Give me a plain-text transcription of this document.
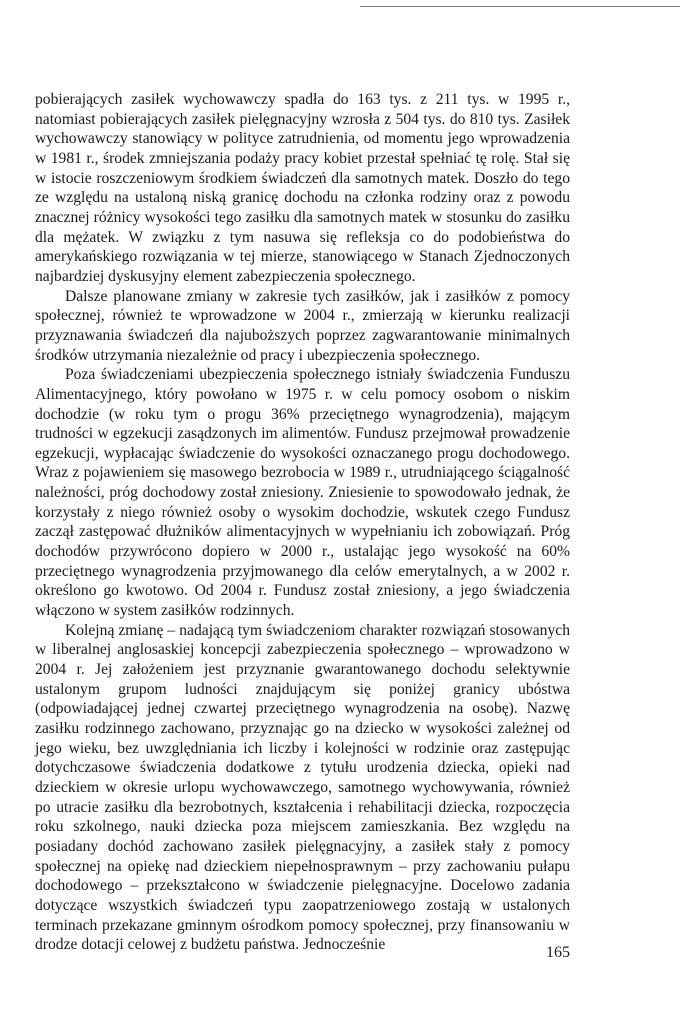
pobierających zasiłek wychowawczy spadła do 163 tys. z 211 tys. w 1995 r., natomiast pobierających zasiłek pielęgnacyjny wzrosła z 504 tys. do 810 tys. Zasiłek wychowawczy stanowiący w polityce zatrudnienia, od momentu jego wprowadzenia w 1981 r., środek zmniejszania podaży pracy kobiet przestał spełniać tę rolę. Stał się w istocie roszczeniowym środkiem świadczeń dla samotnych matek. Doszło do tego ze względu na ustaloną niską granicę dochodu na członka rodziny oraz z powodu znacznej różnicy wysokości tego zasiłku dla samotnych matek w stosunku do zasiłku dla mężatek. W związku z tym nasuwa się refleksja co do podobieństwa do amerykańskiego rozwiązania w tej mierze, stanowiącego w Stanach Zjednoczonych najbardziej dyskusyjny element zabezpieczenia społecznego.

Dalsze planowane zmiany w zakresie tych zasiłków, jak i zasiłków z pomocy społecznej, również te wprowadzone w 2004 r., zmierzają w kierunku realizacji przyznawania świadczeń dla najuboższych poprzez zagwarantowanie minimalnych środków utrzymania niezależnie od pracy i ubezpieczenia społecznego.

Poza świadczeniami ubezpieczenia społecznego istniały świadczenia Funduszu Alimentacyjnego, który powołano w 1975 r. w celu pomocy osobom o niskim dochodzie (w roku tym o progu 36% przeciętnego wynagrodzenia), mającym trudności w egzekucji zasądzonych im alimentów. Fundusz przejmował prowadzenie egzekucji, wypłacając świadczenie do wysokości oznaczanego progu dochodowego. Wraz z pojawieniem się masowego bezrobocia w 1989 r., utrudniającego ściągalność należności, próg dochodowy został zniesiony. Zniesienie to spowodowało jednak, że korzystały z niego również osoby o wysokim dochodzie, wskutek czego Fundusz zaczął zastępować dłużników alimentacyjnych w wypełnianiu ich zobowiązań. Próg dochodów przywrócono dopiero w 2000 r., ustalając jego wysokość na 60% przeciętnego wynagrodzenia przyjmowanego dla celów emerytalnych, a w 2002 r. określono go kwotowo. Od 2004 r. Fundusz został zniesiony, a jego świadczenia włączono w system zasiłków rodzinnych.

Kolejną zmianę – nadającą tym świadczeniom charakter rozwiązań stosowanych w liberalnej anglosaskiej koncepcji zabezpieczenia społecznego – wprowadzono w 2004 r. Jej założeniem jest przyznanie gwarantowanego dochodu selektywnie ustalonym grupom ludności znajdującym się poniżej granicy ubóstwa (odpowiadającej jednej czwartej przeciętnego wynagrodzenia na osobę). Nazwę zasiłku rodzinnego zachowano, przyznając go na dziecko w wysokości zależnej od jego wieku, bez uwzględniania ich liczby i kolejności w rodzinie oraz zastępując dotychczasowe świadczenia dodatkowe z tytułu urodzenia dziecka, opieki nad dzieckiem w okresie urlopu wychowawczego, samotnego wychowywania, również po utracie zasiłku dla bezrobotnych, kształcenia i rehabilitacji dziecka, rozpoczęcia roku szkolnego, nauki dziecka poza miejscem zamieszkania. Bez względu na posiadany dochód zachowano zasiłek pielęgnacyjny, a zasiłek stały z pomocy społecznej na opiekę nad dzieckiem niepełnosprawnym – przy zachowaniu pułapu dochodowego – przekształcono w świadczenie pielęgnacyjne. Docelowo zadania dotyczące wszystkich świadczeń typu zaopatrzeniowego zostają w ustalonych terminach przekazane gminnym ośrodkom pomocy społecznej, przy finansowaniu w drodze dotacji celowej z budżetu państwa. Jednocześnie	165
